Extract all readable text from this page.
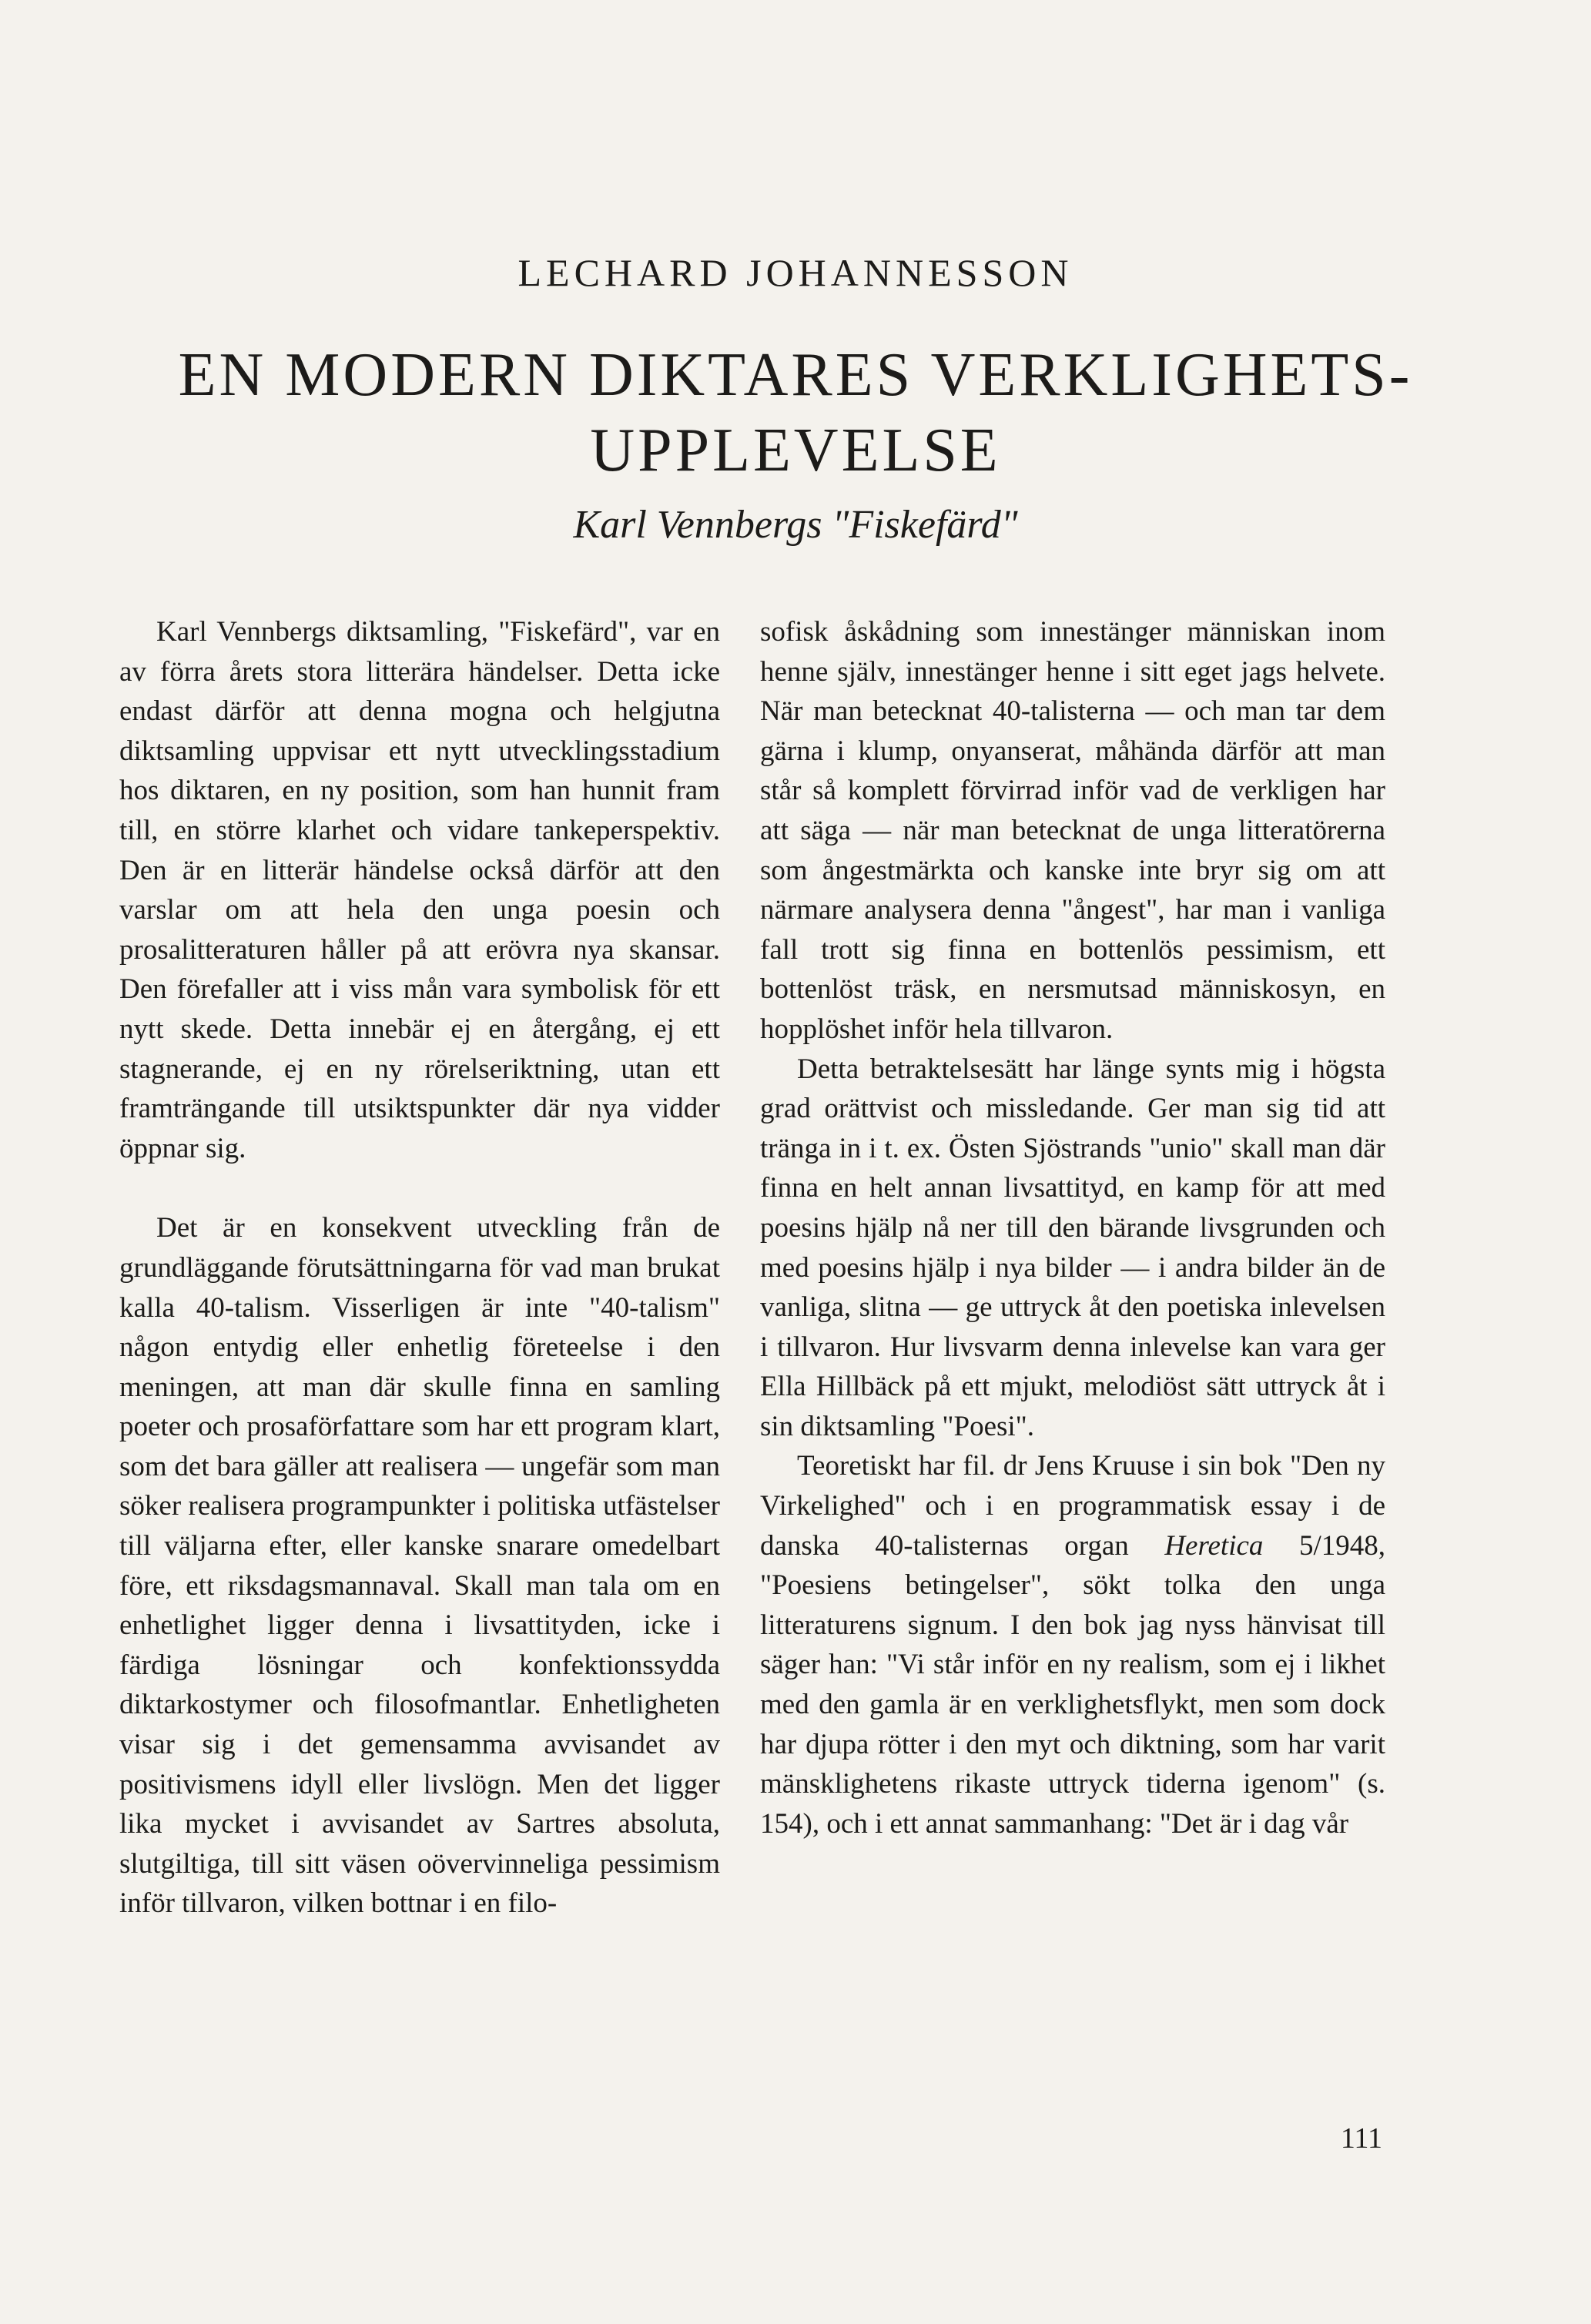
LECHARD JOHANNESSON
EN MODERN DIKTARES VERKLIGHETS-UPPLEVELSE
Karl Vennbergs "Fiskefärd"

Karl Vennbergs diktsamling, "Fiskefärd", var en av förra årets stora litterära händelser. Detta icke endast därför att denna mogna och helgjutna diktsamling uppvisar ett nytt utvecklingsstadium hos diktaren, en ny position, som han hunnit fram till, en större klarhet och vidare tankeperspektiv. Den är en litterär händelse också därför att den varslar om att hela den unga poesin och prosalitteraturen håller på att erövra nya skansar. Den förefaller att i viss mån vara symbolisk för ett nytt skede. Detta innebär ej en återgång, ej ett stagnerande, ej en ny rörelseriktning, utan ett framträngande till utsiktspunkter där nya vidder öppnar sig.

Det är en konsekvent utveckling från de grundläggande förutsättningarna för vad man brukat kalla 40-talism. Visserligen är inte "40-talism" någon entydig eller enhetlig företeelse i den meningen, att man där skulle finna en samling poeter och prosaförfattare som har ett program klart, som det bara gäller att realisera — ungefär som man söker realisera programpunkter i politiska utfästelser till väljarna efter, eller kanske snarare omedelbart före, ett riksdagsmannaval. Skall man tala om en enhetlighet ligger denna i livsattityden, icke i färdiga lösningar och konfektionssydda diktarkostymer och filosofmantlar. Enhetligheten visar sig i det gemensamma avvisandet av positivismens idyll eller livslögn. Men det ligger lika mycket i avvisandet av Sartres absoluta, slutgiltiga, till sitt väsen oövervinneliga pessimism inför tillvaron, vilken bottnar i en filo-

sofisk åskådning som innestänger människan inom henne själv, innestänger henne i sitt eget jags helvete. När man betecknat 40-talisterna — och man tar dem gärna i klump, onyanserat, måhända därför att man står så komplett förvirrad inför vad de verkligen har att säga — när man betecknat de unga litteratörerna som ångestmärkta och kanske inte bryr sig om att närmare analysera denna "ångest", har man i vanliga fall trott sig finna en bottenlös pessimism, ett bottenlöst träsk, en nersmutsad människosyn, en hopplöshet inför hela tillvaron.

Detta betraktelsesätt har länge synts mig i högsta grad orättvist och missledande. Ger man sig tid att tränga in i t. ex. Östen Sjöstrands "unio" skall man där finna en helt annan livsattityd, en kamp för att med poesins hjälp nå ner till den bärande livsgrunden och med poesins hjälp i nya bilder — i andra bilder än de vanliga, slitna — ge uttryck åt den poetiska inlevelsen i tillvaron. Hur livsvarm denna inlevelse kan vara ger Ella Hillbäck på ett mjukt, melodiöst sätt uttryck åt i sin diktsamling "Poesi".

Teoretiskt har fil. dr Jens Kruuse i sin bok "Den ny Virkelighed" och i en programmatisk essay i de danska 40-talisternas organ Heretica 5/1948, "Poesiens betingelser", sökt tolka den unga litteraturens signum. I den bok jag nyss hänvisat till säger han: "Vi står inför en ny realism, som ej i likhet med den gamla är en verklighetsflykt, men som dock har djupa rötter i den myt och diktning, som har varit mänsklighetens rikaste uttryck tiderna igenom" (s. 154), och i ett annat sammanhang: "Det är i dag vår

111
